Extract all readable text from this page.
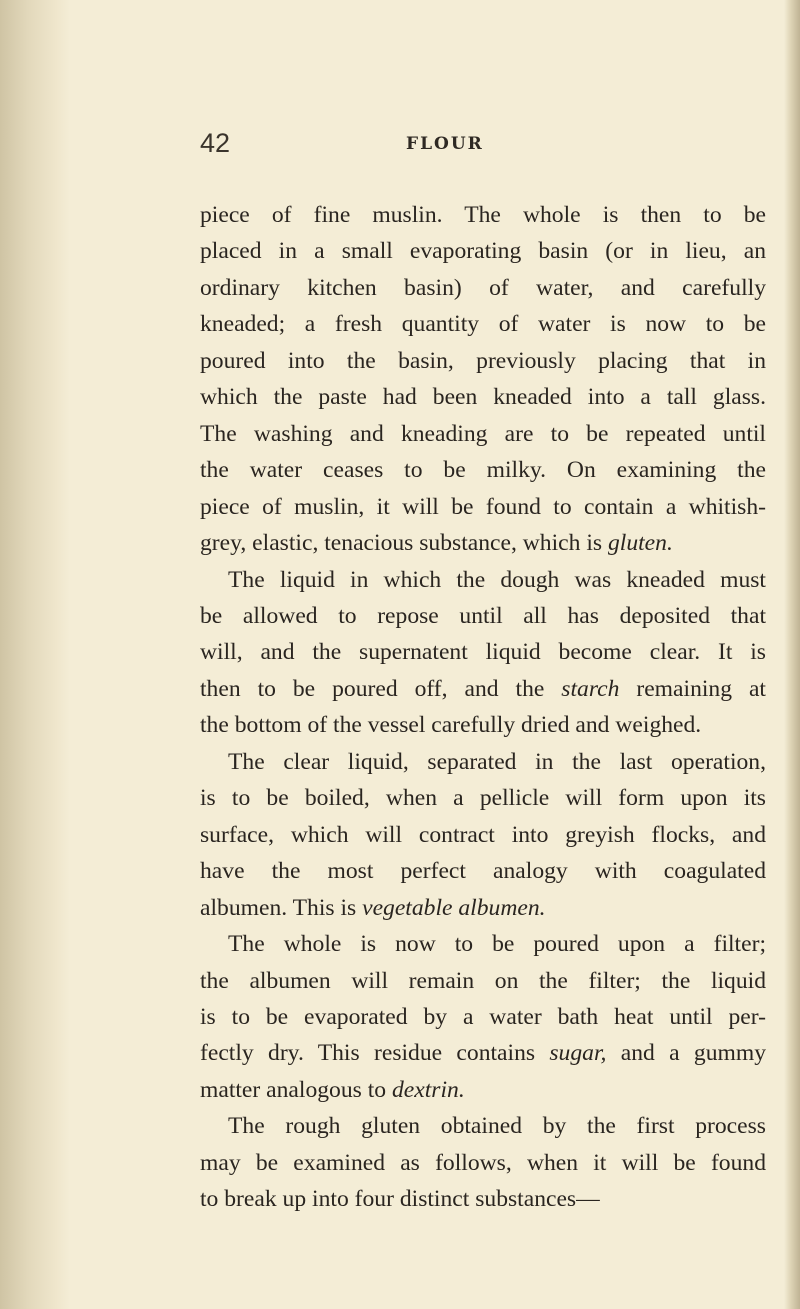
42	FLOUR
piece of fine muslin. The whole is then to be
placed in a small evaporating basin (or in lieu, an
ordinary kitchen basin) of water, and carefully
kneaded; a fresh quantity of water is now to be
poured into the basin, previously placing that in
which the paste had been kneaded into a tall glass.
The washing and kneading are to be repeated until
the water ceases to be milky. On examining the
piece of muslin, it will be found to contain a whitish-
grey, elastic, tenacious substance, which is gluten.
The liquid in which the dough was kneaded must
be allowed to repose until all has deposited that
will, and the supernatent liquid become clear. It is
then to be poured off, and the starch remaining at
the bottom of the vessel carefully dried and weighed.
The clear liquid, separated in the last operation,
is to be boiled, when a pellicle will form upon its
surface, which will contract into greyish flocks, and
have the most perfect analogy with coagulated
albumen. This is vegetable albumen.
The whole is now to be poured upon a filter;
the albumen will remain on the filter; the liquid
is to be evaporated by a water bath heat until per-
fectly dry. This residue contains sugar, and a gummy
matter analogous to dextrin.
The rough gluten obtained by the first process
may be examined as follows, when it will be found
to break up into four distinct substances—
